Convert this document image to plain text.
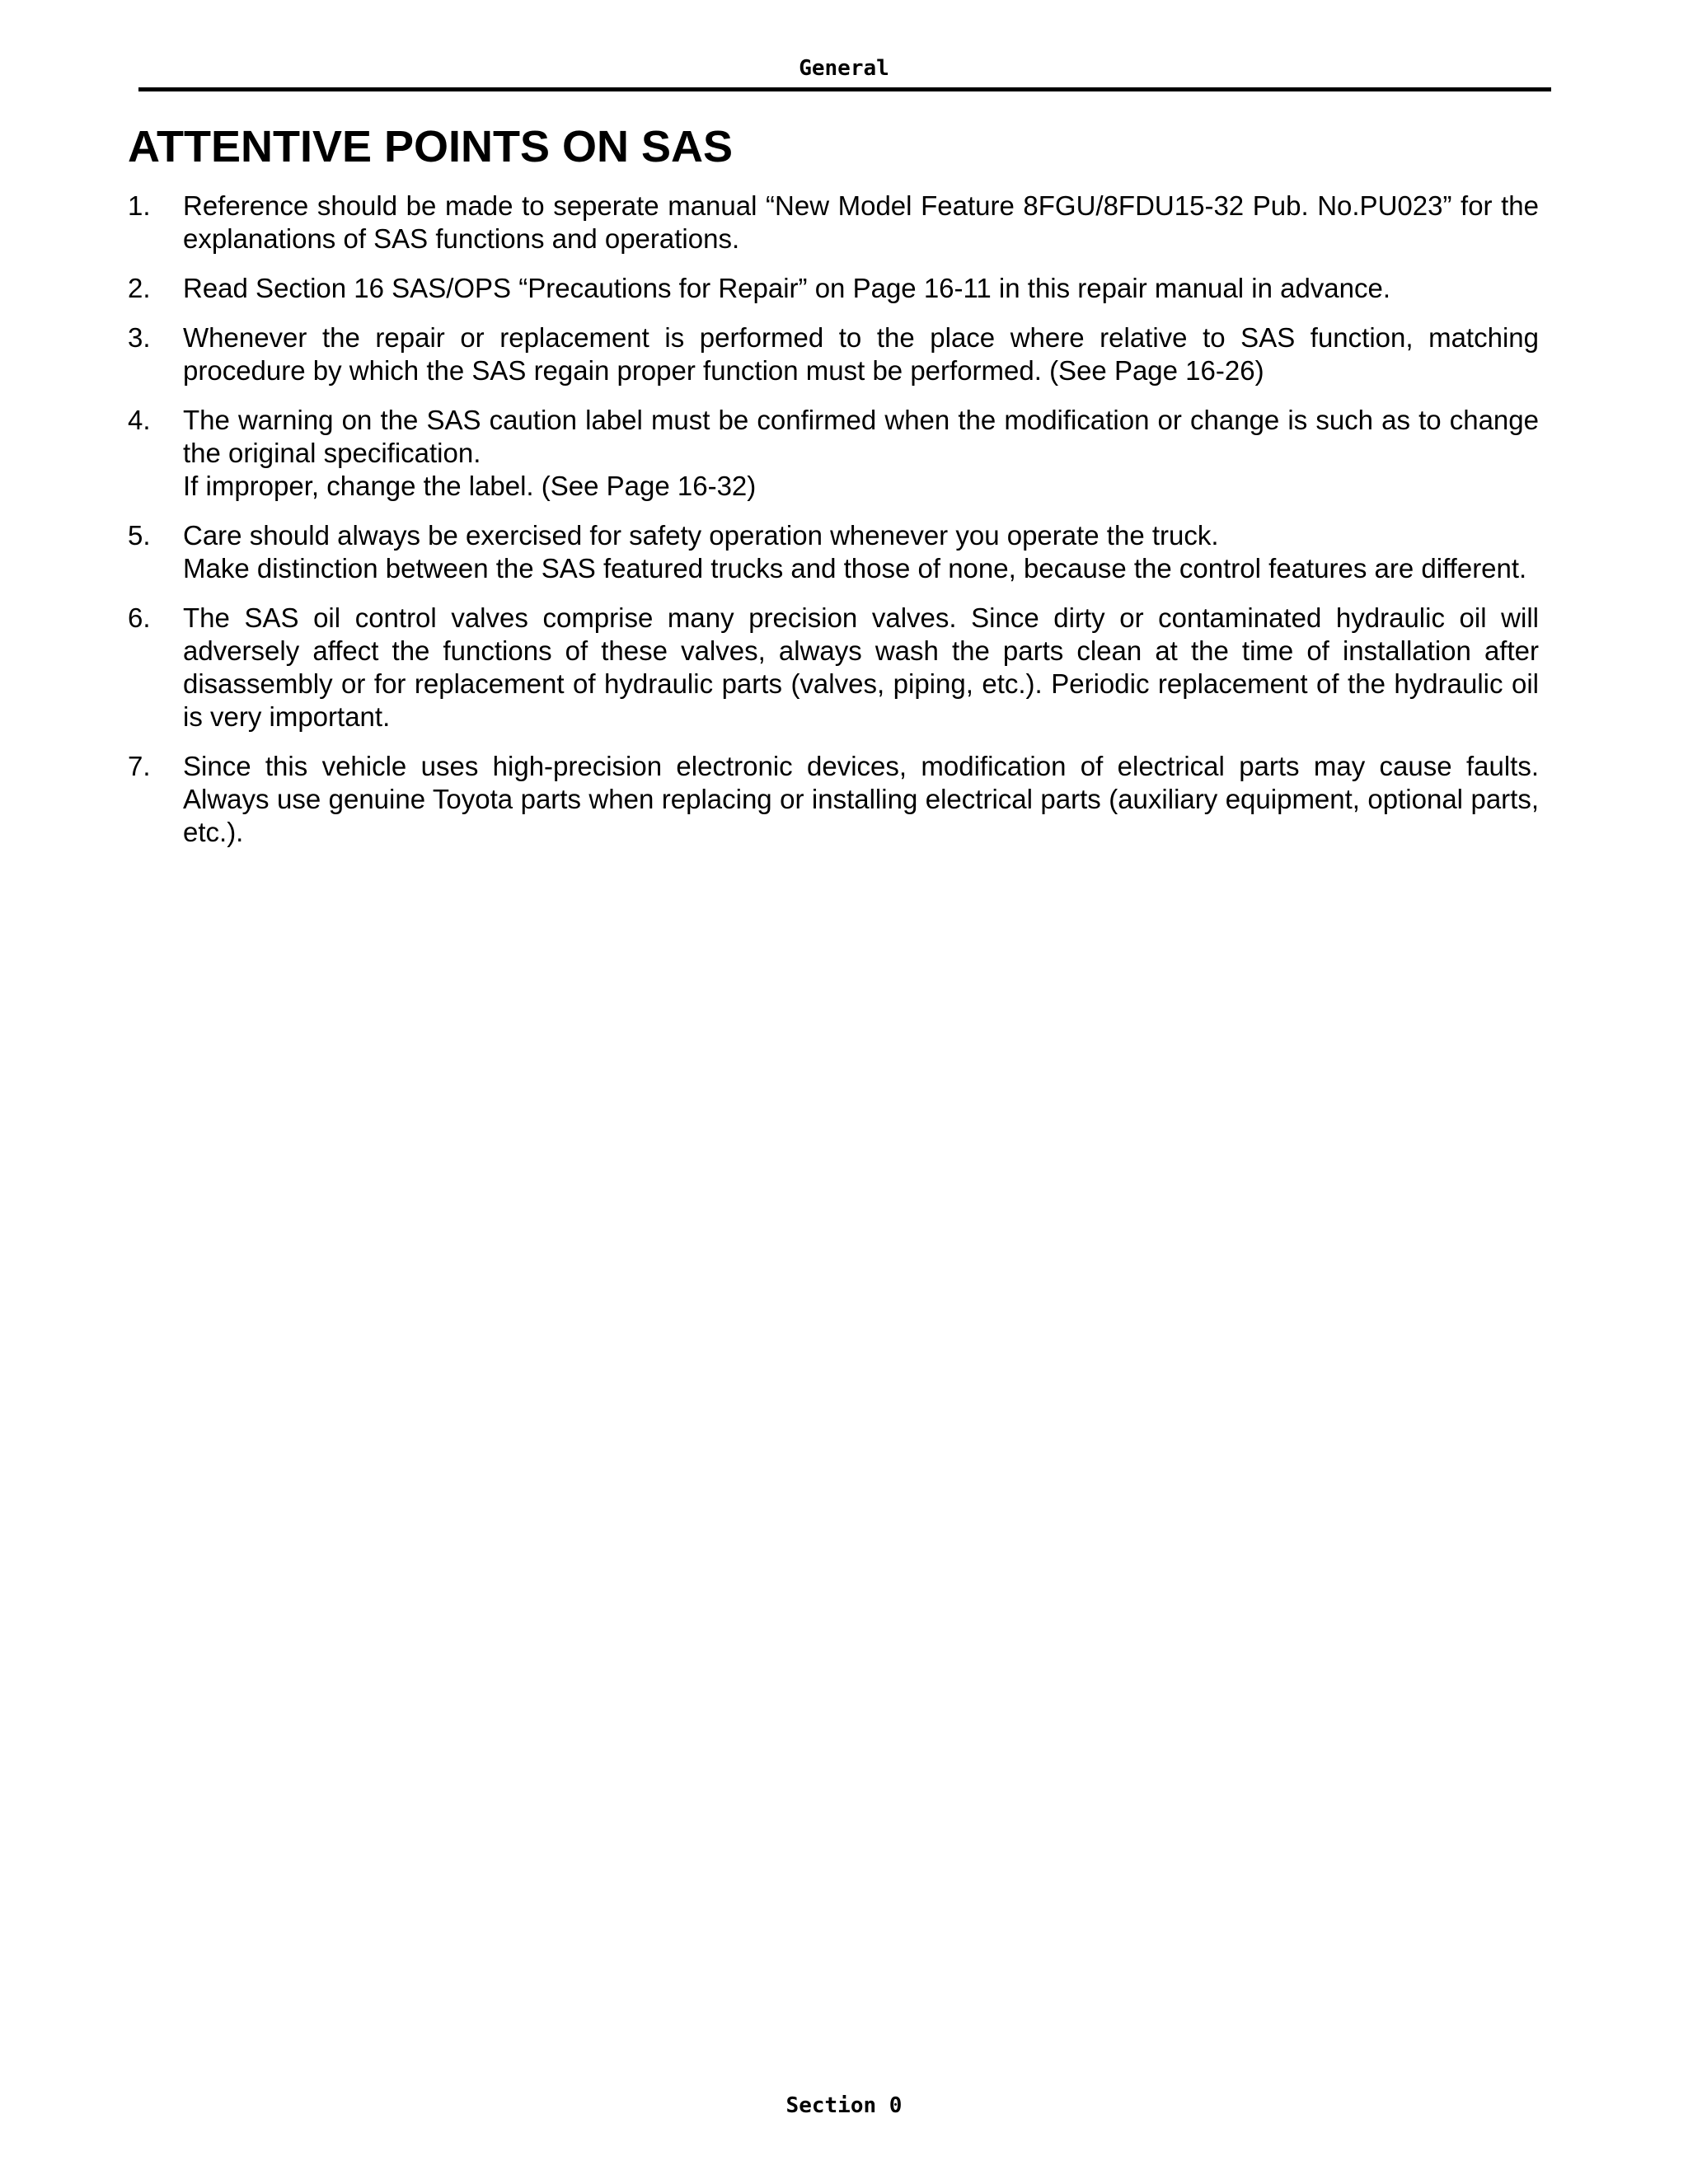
General
ATTENTIVE POINTS ON SAS
1. Reference should be made to seperate manual “New Model Feature 8FGU/8FDU15-32 Pub. No.PU023” for the explanations of SAS functions and operations.
2. Read Section 16 SAS/OPS “Precautions for Repair” on Page 16-11 in this repair manual in advance.
3. Whenever the repair or replacement is performed to the place where relative to SAS function, matching procedure by which the SAS regain proper function must be performed. (See Page 16-26)
4. The warning on the SAS caution label must be confirmed when the modification or change is such as to change the original specification.
If improper, change the label. (See Page 16-32)
5. Care should always be exercised for safety operation whenever you operate the truck.
Make distinction between the SAS featured trucks and those of none, because the control features are different.
6. The SAS oil control valves comprise many precision valves. Since dirty or contaminated hydraulic oil will adversely affect the functions of these valves, always wash the parts clean at the time of installation after disassembly or for replacement of hydraulic parts (valves, piping, etc.). Periodic replacement of the hydraulic oil is very important.
7. Since this vehicle uses high-precision electronic devices, modification of electrical parts may cause faults. Always use genuine Toyota parts when replacing or installing electrical parts (auxiliary equipment, optional parts, etc.).
Section 0
